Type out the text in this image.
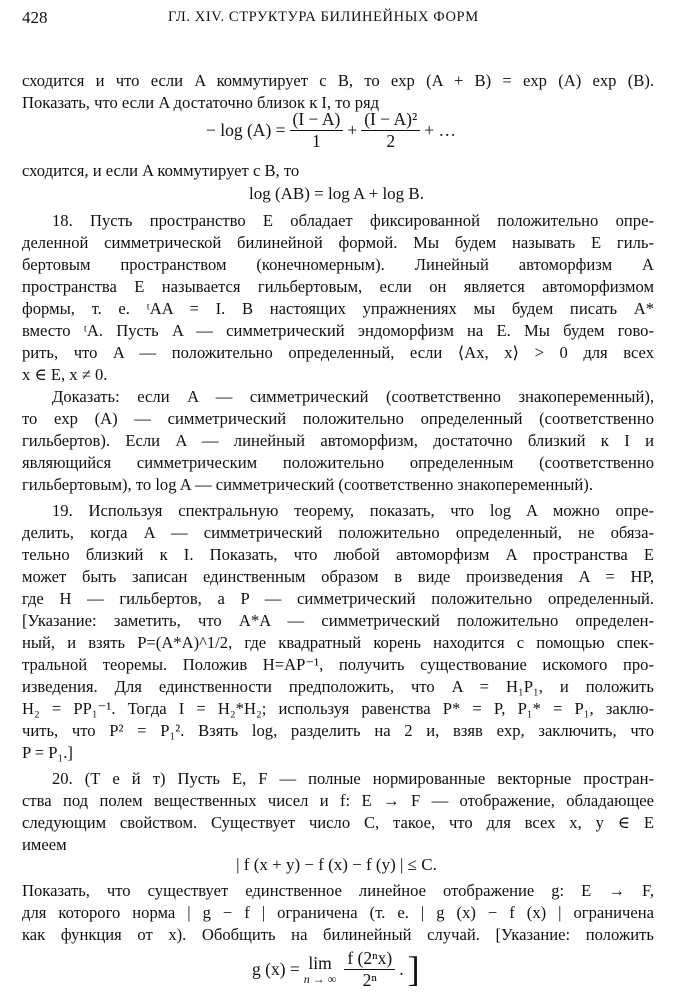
428	ГЛ. XIV. СТРУКТУРА БИЛИНЕЙНЫХ ФОРМ
сходится и что если A коммутирует с B, то exp (A + B) = exp (A) exp (B).
Показать, что если A достаточно близок к I, то ряд
− $\log (A) = \frac{(I - A)}{1} + \frac{\text{(I − A)²}}{2}$ + …
сходится, и если A коммутирует с B, то
log (AB) = log A + log B.
18. Пусть пространство E обладает фиксированной положительно опре-
деленной симметрической билинейной формой. Мы будем называть E гиль-
бертовым пространством (конечномерным). Линейный автоморфизм A
пространства E называется гильбертовым, если он является автоморфизмом
формы, т. е. ᵗAA = I. В настоящих упражнениях мы будем писать A*
вместо ᵗA. Пусть A — симметрический эндоморфизм на E. Мы будем гово-
рить, что A — положительно определенный, если ⟨Ax, x⟩ > 0 для всех
x ∈ E, x ≠ 0.
Доказать: если A — симметрический (соответственно знакопеременный),
то exp (A) — симметрический положительно определенный (соответственно
гильбертов). Если A — линейный автоморфизм, достаточно близкий к I и
являющийся симметрическим положительно определенным (соответственно
гильбертовым), то log A — симметрический (соответственно знакопеременный).
19. Используя спектральную теорему, показать, что log A можно опре-
делить, когда A — симметрический положительно определенный, не обяза-
тельно близкий к I. Показать, что любой автоморфизм A пространства E
может быть записан единственным образом в виде произведения A = HP,
где H — гильбертов, а P — симметрический положительно определенный.
[Указание: заметить, что A*A — симметрический положительно определен-
ный, и взять P=(A*A)^1/2, где квадратный корень находится с помощью спек-
тральной теоремы. Положив H=AP⁻¹, получить существование искомого про-
изведения. Для единственности предположить, что A = H₁P₁, и положить
H₂ = PP₁⁻¹. Тогда I = H₂*H₂; используя равенства P* = P, P₁* = P₁, заклю-
чить, что P² = P₁². Взять log, разделить на 2 и, взяв exp, заключить, что
P = P₁.]
20. (Т е й т) Пусть E, F — полные нормированные векторные простран-
ства под полем вещественных чисел и f: E → F — отображение, обладающее
следующим свойством. Существует число C, такое, что для всех x, y ∈ E
имеем
| f (x + y) − f (x) − f (y) | ≤ C.
Показать, что существует единственное линейное отображение g: E → F,
для которого норма | g − f | ограничена (т. е. | g (x) − f (x) | ограничена
как функция от x). Обобщить на билинейный случай. [Указание: положить
g (x) = lim
n → ∞ $\frac{\text{f (2ⁿx)}}{\text{2ⁿ}}$ . ]
